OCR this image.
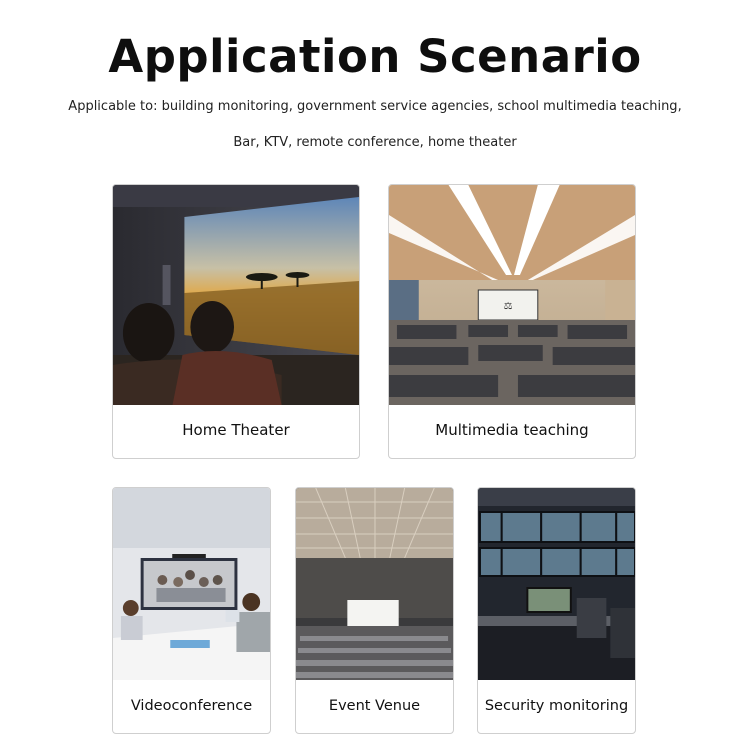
Application Scenario
Applicable to: building monitoring, government service agencies, school multimedia teaching,
Bar, KTV, remote conference, home theater
Home Theater
⚖
Multimedia teaching
Videoconference	Event Venue	Security monitoring
